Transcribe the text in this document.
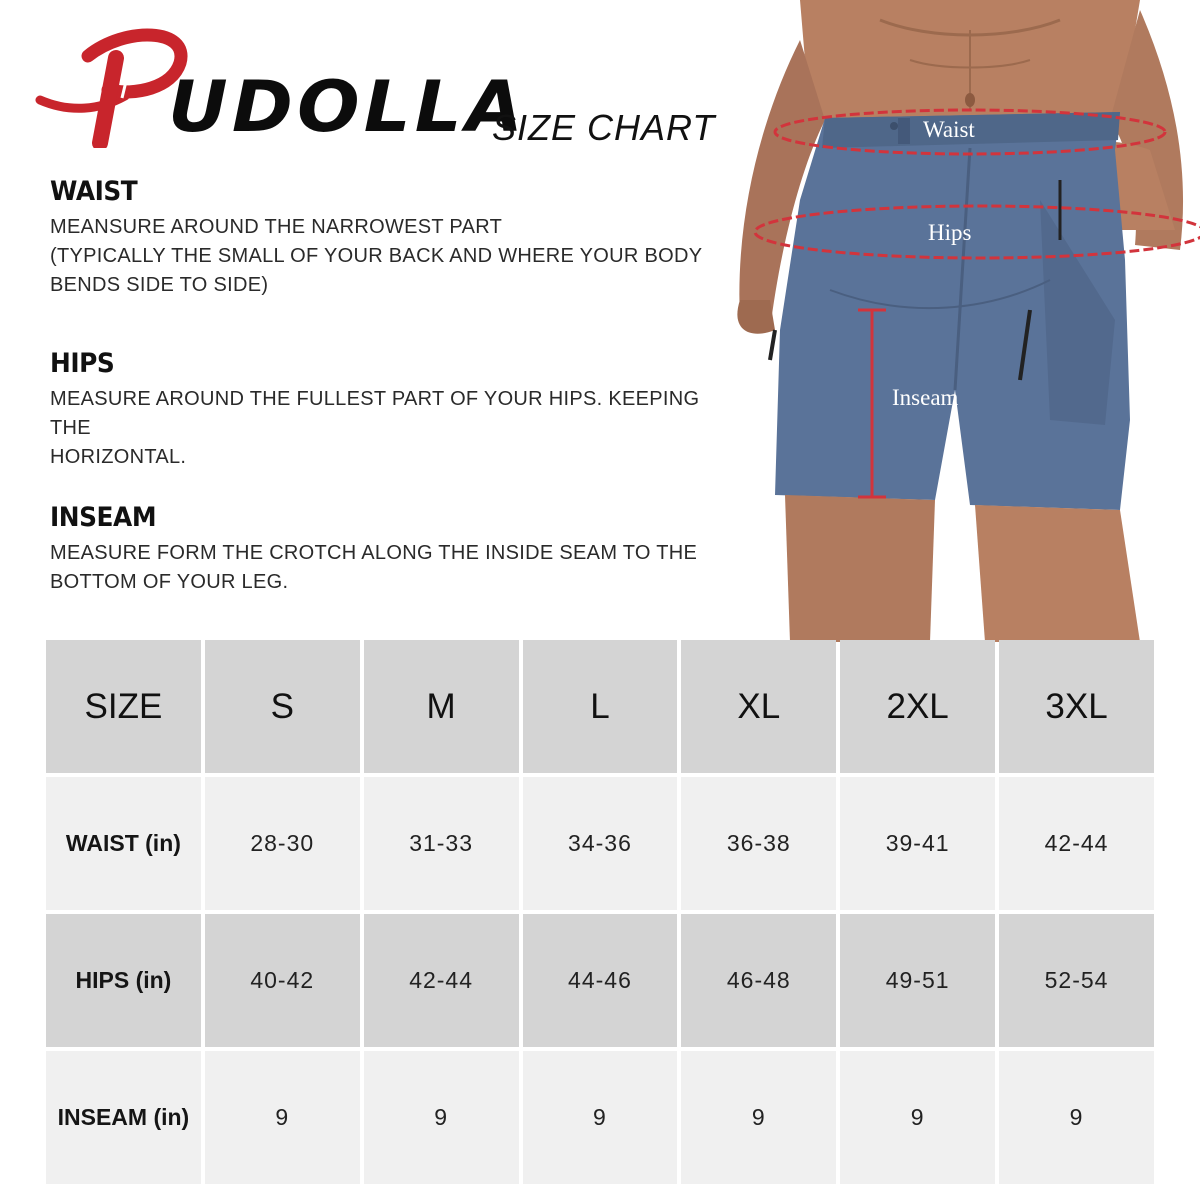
UDOLLA
SIZE CHART
WAIST

MEANSURE AROUND THE NARROWEST PART
(TYPICALLY THE SMALL OF YOUR BACK AND WHERE YOUR BODY
BENDS SIDE TO SIDE)

HIPS

MEASURE AROUND THE FULLEST PART OF YOUR HIPS. KEEPING THE
HORIZONTAL.

INSEAM

MEASURE FORM THE CROTCH ALONG THE INSIDE SEAM TO THE
BOTTOM OF YOUR LEG.

Waist
Hips
Inseam
SIZE	S	M	L	XL	2XL	3XL
WAIST (in)	28-30	31-33	34-36	36-38	39-41	42-44
HIPS (in)	40-42	42-44	44-46	46-48	49-51	52-54
INSEAM (in)	9	9	9	9	9	9
